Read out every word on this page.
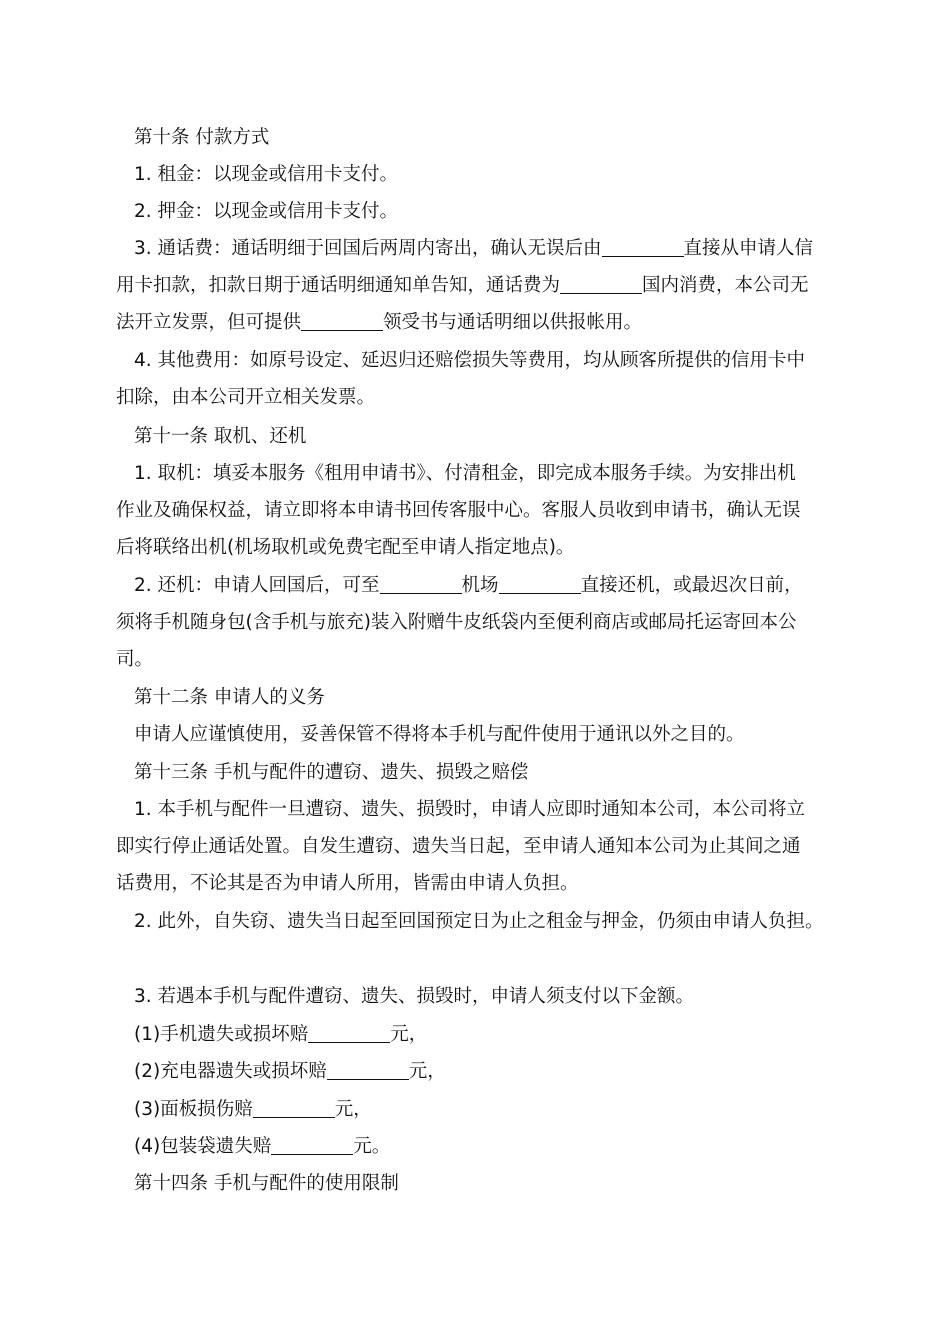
第十条 付款方式
1. 租金：以现金或信用卡支付。
2. 押金：以现金或信用卡支付。
3. 通话费：通话明细于回国后两周内寄出，确认无误后由	直接从申请人信
用卡扣款，扣款日期于通话明细通知单告知，通话费为	国内消费，本公司无
法开立发票，但可提供	领受书与通话明细以供报帐用。
4. 其他费用：如原号设定、延迟归还赔偿损失等费用，均从顾客所提供的信用卡中
扣除，由本公司开立相关发票。
第十一条 取机、还机
1. 取机：填妥本服务《租用申请书》、付清租金，即完成本服务手续。为安排出机
作业及确保权益，请立即将本申请书回传客服中心。客服人员收到申请书，确认无误
后将联络出机(机场取机或免费宅配至申请人指定地点)。
2. 还机：申请人回国后，可至	机场	直接还机，或最迟次日前，
须将手机随身包(含手机与旅充)装入附赠牛皮纸袋内至便利商店或邮局托运寄回本公
司。
第十二条 申请人的义务
申请人应谨慎使用，妥善保管不得将本手机与配件使用于通讯以外之目的。
第十三条 手机与配件的遭窃、遗失、损毁之赔偿
1. 本手机与配件一旦遭窃、遗失、损毁时，申请人应即时通知本公司，本公司将立
即实行停止通话处置。自发生遭窃、遗失当日起，至申请人通知本公司为止其间之通
话费用，不论其是否为申请人所用，皆需由申请人负担。
2. 此外，自失窃、遗失当日起至回国预定日为止之租金与押金，仍须由申请人负担。
3. 若遇本手机与配件遭窃、遗失、损毁时，申请人须支付以下金额。
(1)手机遗失或损坏赔	元，
(2)充电器遗失或损坏赔	元，
(3)面板损伤赔	元，
(4)包装袋遗失赔	元。
第十四条 手机与配件的使用限制
